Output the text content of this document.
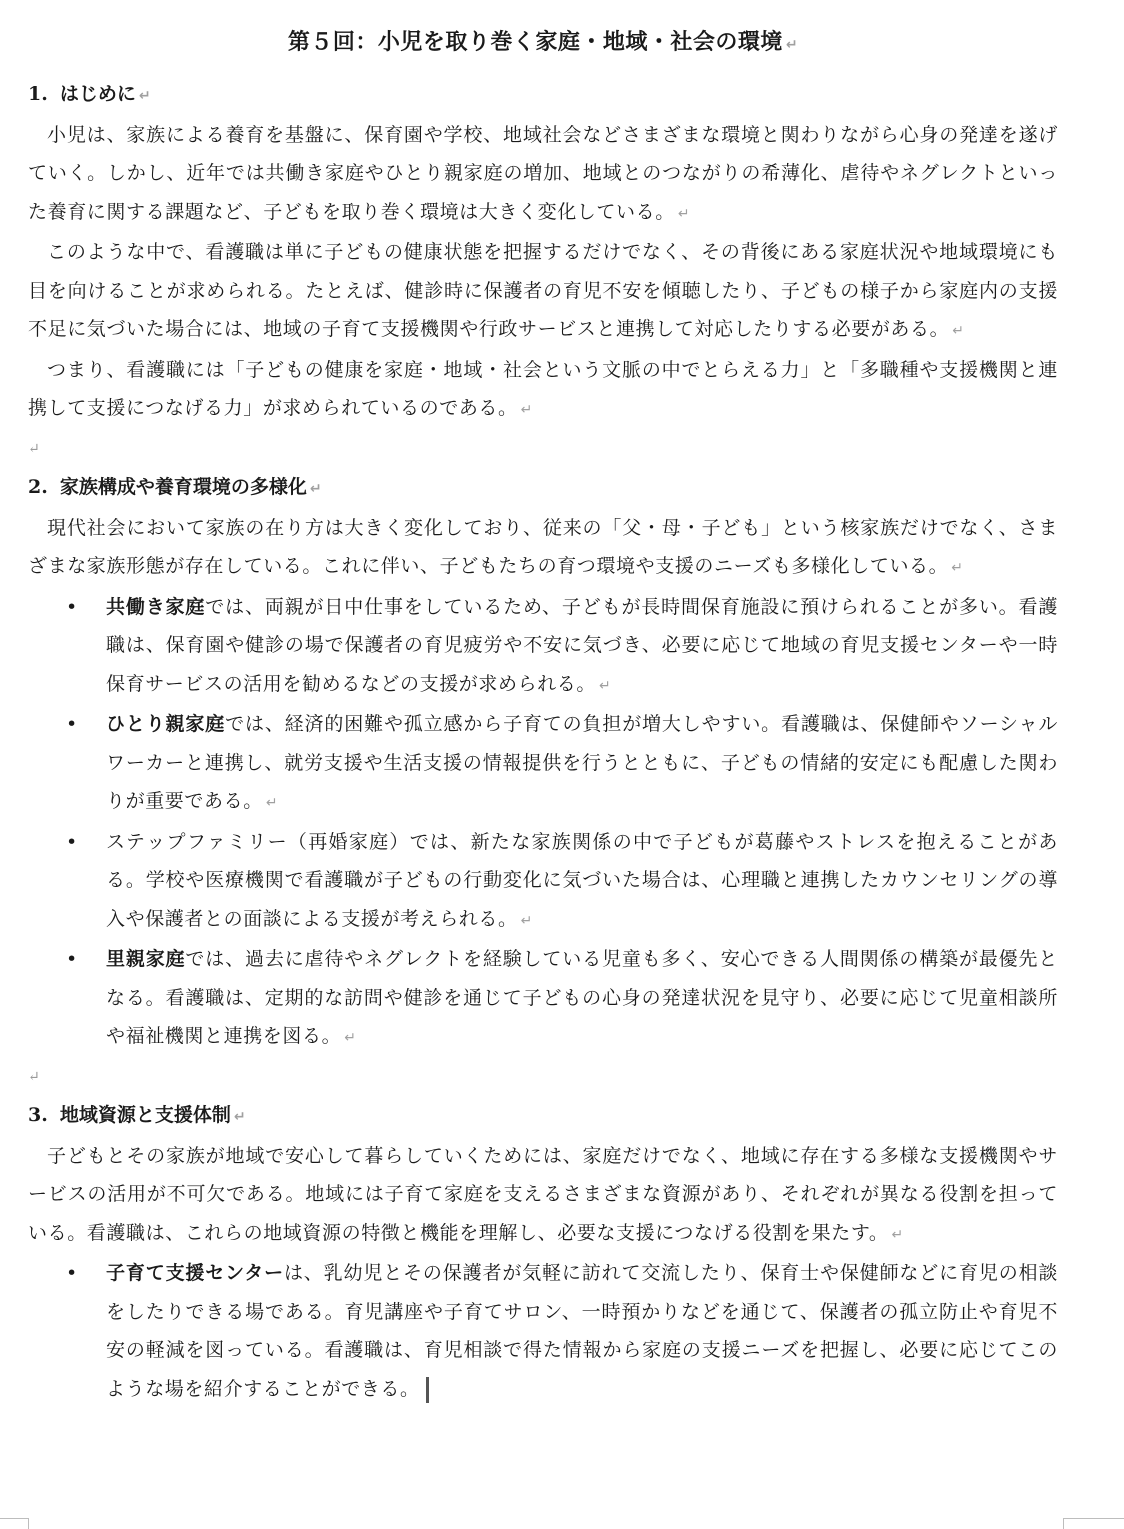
第５回：小児を取り巻く家庭・地域・社会の環境 ↵
1. はじめに ↵

小児は、家族による養育を基盤に、保育園や学校、地域社会などさまざまな環境と関わりながら心身の発達を遂げていく。しかし、近年では共働き家庭やひとり親家庭の増加、地域とのつながりの希薄化、虐待やネグレクトといった養育に関する課題など、子どもを取り巻く環境は大きく変化している。 ↵

このような中で、看護職は単に子どもの健康状態を把握するだけでなく、その背後にある家庭状況や地域環境にも目を向けることが求められる。たとえば、健診時に保護者の育児不安を傾聴したり、子どもの様子から家庭内の支援不足に気づいた場合には、地域の子育て支援機関や行政サービスと連携して対応したりする必要がある。 ↵

つまり、看護職には「子どもの健康を家庭・地域・社会という文脈の中でとらえる力」と「多職種や支援機関と連携して支援につなげる力」が求められているのである。 ↵

↵
2. 家族構成や養育環境の多様化 ↵

現代社会において家族の在り方は大きく変化しており、従来の「父・母・子ども」という核家族だけでなく、さまざまな家族形態が存在している。これに伴い、子どもたちの育つ環境や支援のニーズも多様化している。 ↵

• 共働き家庭では、両親が日中仕事をしているため、子どもが長時間保育施設に預けられることが多い。看護職は、保育園や健診の場で保護者の育児疲労や不安に気づき、必要に応じて地域の育児支援センターや一時保育サービスの活用を勧めるなどの支援が求められる。 ↵
• ひとり親家庭では、経済的困難や孤立感から子育ての負担が増大しやすい。看護職は、保健師やソーシャルワーカーと連携し、就労支援や生活支援の情報提供を行うとともに、子どもの情緒的安定にも配慮した関わりが重要である。 ↵
• ステップファミリー（再婚家庭）では、新たな家族関係の中で子どもが葛藤やストレスを抱えることがある。学校や医療機関で看護職が子どもの行動変化に気づいた場合は、心理職と連携したカウンセリングの導入や保護者との面談による支援が考えられる。 ↵
• 里親家庭では、過去に虐待やネグレクトを経験している児童も多く、安心できる人間関係の構築が最優先となる。看護職は、定期的な訪問や健診を通じて子どもの心身の発達状況を見守り、必要に応じて児童相談所や福祉機関と連携を図る。 ↵
↵
3. 地域資源と支援体制 ↵

子どもとその家族が地域で安心して暮らしていくためには、家庭だけでなく、地域に存在する多様な支援機関やサービスの活用が不可欠である。地域には子育て家庭を支えるさまざまな資源があり、それぞれが異なる役割を担っている。看護職は、これらの地域資源の特徴と機能を理解し、必要な支援につなげる役割を果たす。 ↵

• 子育て支援センターは、乳幼児とその保護者が気軽に訪れて交流したり、保育士や保健師などに育児の相談をしたりできる場である。育児講座や子育てサロン、一時預かりなどを通じて、保護者の孤立防止や育児不安の軽減を図っている。看護職は、育児相談で得た情報から家庭の支援ニーズを把握し、必要に応じてこのような場を紹介することができる。
